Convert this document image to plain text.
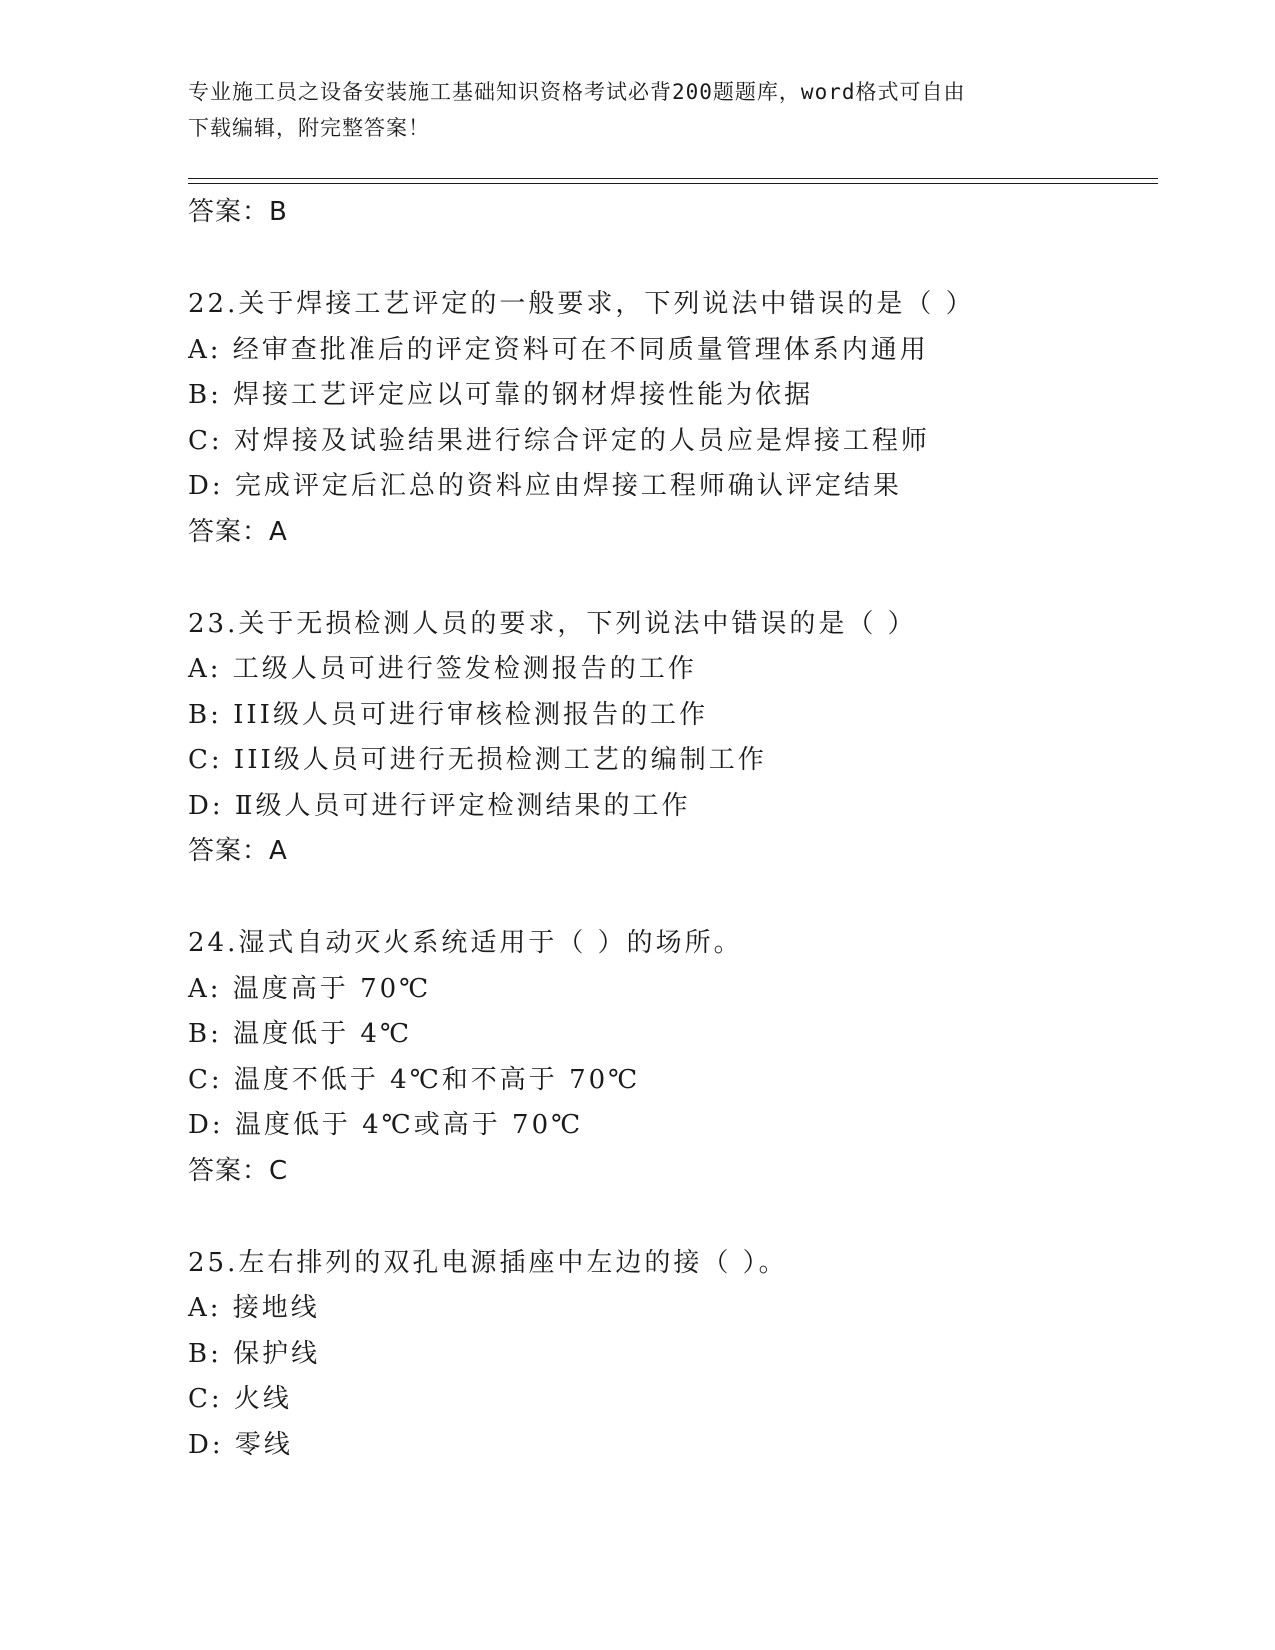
专业施工员之设备安装施工基础知识资格考试必背200题题库，word格式可自由
下载编辑，附完整答案！
答案：B
22.关于焊接工艺评定的一般要求，下列说法中错误的是（ ）
A: 经审查批准后的评定资料可在不同质量管理体系内通用
B: 焊接工艺评定应以可靠的钢材焊接性能为依据
C: 对焊接及试验结果进行综合评定的人员应是焊接工程师
D: 完成评定后汇总的资料应由焊接工程师确认评定结果
答案：A
23.关于无损检测人员的要求，下列说法中错误的是（ ）
A: 工级人员可进行签发检测报告的工作
B: III级人员可进行审核检测报告的工作
C: III级人员可进行无损检测工艺的编制工作
D: Ⅱ级人员可进行评定检测结果的工作
答案：A
24.湿式自动灭火系统适用于（ ）的场所。
A: 温度高于 70℃
B: 温度低于 4℃
C: 温度不低于 4℃和不高于 70℃
D: 温度低于 4℃或高于 70℃
答案：C
25.左右排列的双孔电源插座中左边的接（ ）。
A: 接地线
B: 保护线
C: 火线
D: 零线
